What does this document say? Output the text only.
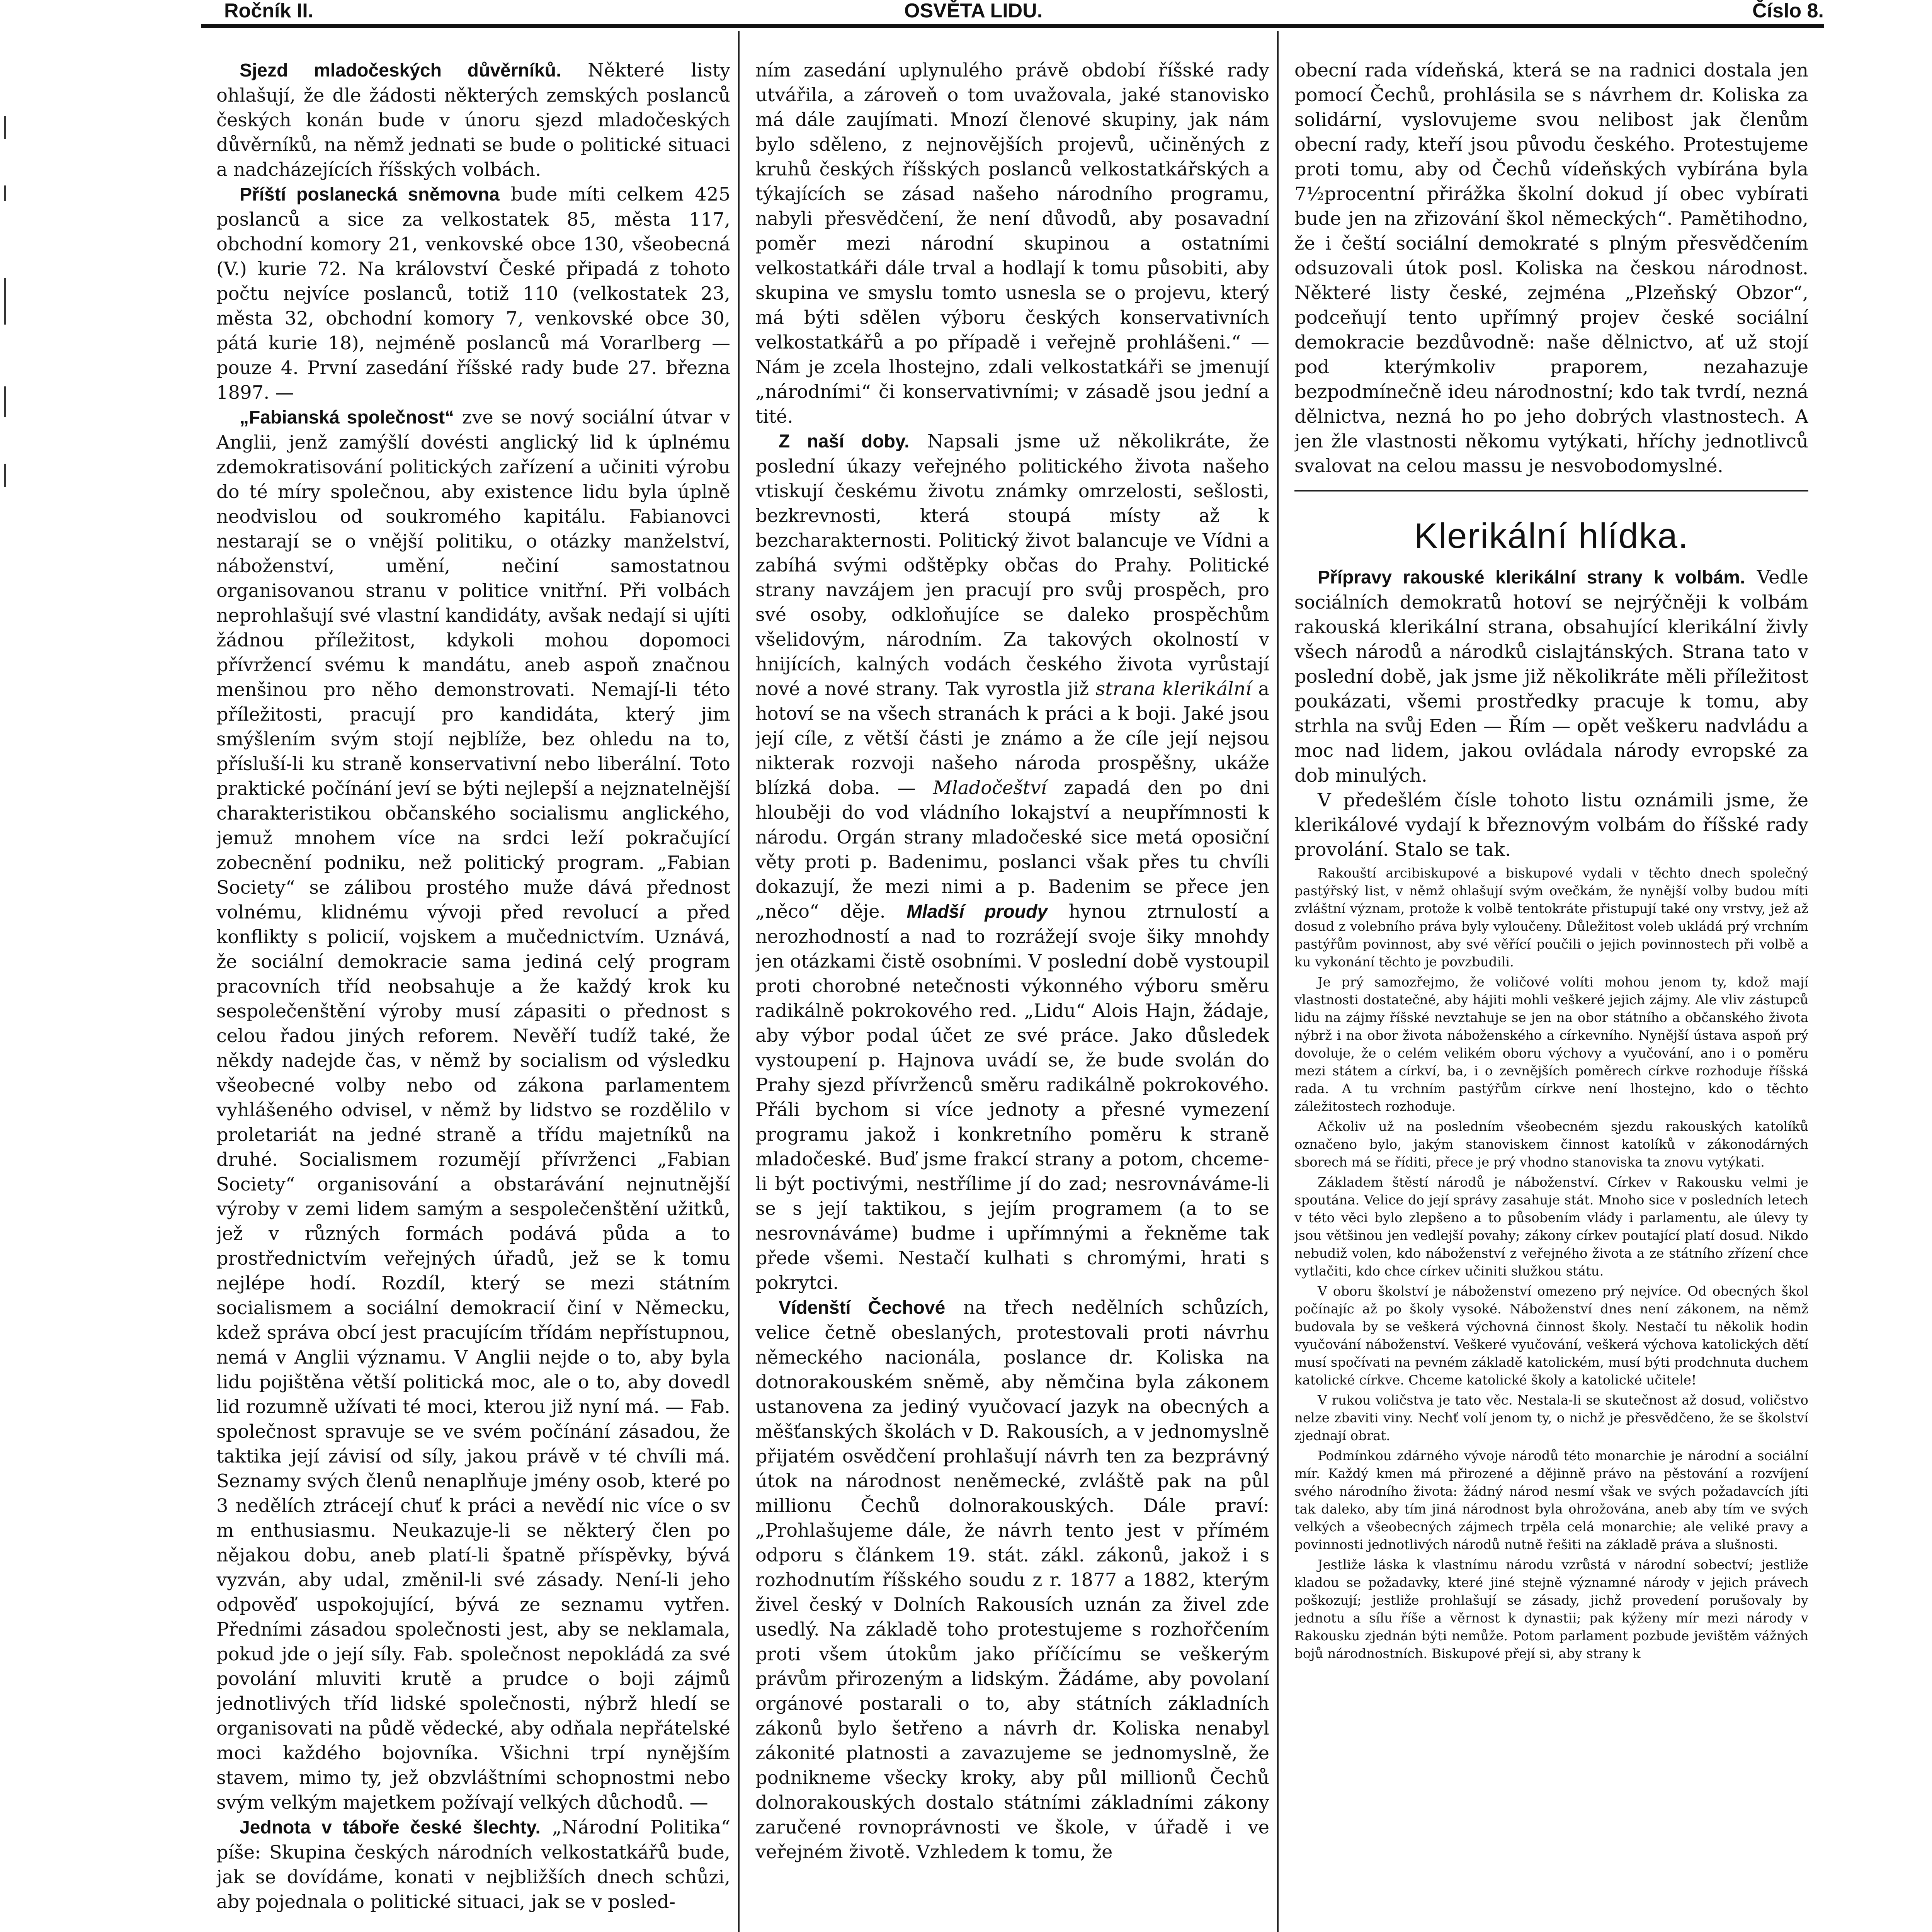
Ročník II.	OSVĚTA LIDU.	Číslo 8.

Sjezd mladočeských důvěrníků. Některé listy ohlašují, že dle žádosti některých zemských poslanců českých konán bude v únoru sjezd mladočeských důvěrníků, na němž jednati se bude o politické situaci a nadcházejících říšských volbách.

Příští poslanecká sněmovna bude míti celkem 425 poslanců a sice za velkostatek 85, města 117, obchodní komory 21, venkovské obce 130, všeobecná (V.) kurie 72. Na království České připadá z tohoto počtu nejvíce poslanců, totiž 110 (velkostatek 23, města 32, obchodní komory 7, venkovské obce 30, pátá kurie 18), nejméně poslanců má Vorarlberg — pouze 4. První zasedání říšské rady bude 27. března 1897. —

„Fabianská společnost“ zve se nový sociální útvar v Anglii, jenž zamýšlí dovésti anglický lid k úplnému zdemokratisování politických zařízení a učiniti výrobu do té míry společnou, aby existence lidu byla úplně neodvislou od soukromého kapitálu. Fabianovci nestarají se o vnější politiku, o otázky manželství, náboženství, umění, nečiní samostatnou organisovanou stranu v politice vnitřní. Při volbách neprohlašují své vlastní kandidáty, avšak nedají si ujíti žádnou příležitost, kdykoli mohou dopomoci přívržencí svému k mandátu, aneb aspoň značnou menšinou pro něho demonstrovati. Nemají-li této příležitosti, pracují pro kandidáta, který jim smýšlením svým stojí nejblíže, bez ohledu na to, přísluší-li ku straně konservativní nebo liberální. Toto praktické počínání jeví se býti nejlepší a nejznatelnější charakteristikou občanského socialismu anglického, jemuž mnohem více na srdci leží pokračující zobecnění podniku, než politický program. „Fabian Society“ se zálibou prostého muže dává přednost volnému, klidnému vývoji před revolucí a před konflikty s policií, vojskem a mučednictvím. Uznává, že sociální demokracie sama jediná celý program pracovních tříd neobsahuje a že každý krok ku sespolečenštění výroby musí zápasiti o přednost s celou řadou jiných reforem. Nevěří tudíž také, že někdy nadejde čas, v němž by socialism od výsledku všeobecné volby nebo od zákona parlamentem vyhlášeného odvisel, v němž by lidstvo se rozdělilo v proletariát na jedné straně a třídu majetníků na druhé. Socialismem rozumějí přívrženci „Fabian Society“ organisování a obstarávání nejnutnější výroby v zemi lidem samým a sespolečenštění užitků, jež v různých formách podává půda a to prostřednictvím veřejných úřadů, jež se k tomu nejlépe hodí. Rozdíl, který se mezi státním socialismem a sociální demokracií činí v Německu, kdež správa obcí jest pracujícím třídám nepřístupnou, nemá v Anglii významu. V Anglii nejde o to, aby byla lidu pojištěna větší politická moc, ale o to, aby dovedl lid rozumně užívati té moci, kterou již nyní má. — Fab. společnost spravuje se ve svém počínání zásadou, že taktika její závisí od síly, jakou právě v té chvíli má. Seznamy svých členů nenaplňuje jmény osob, které po 3 nedělích ztrácejí chuť k práci a nevědí nic více o sv m enthusiasmu. Neukazuje-li se některý člen po nějakou dobu, aneb platí-li špatně příspěvky, bývá vyzván, aby udal, změnil-li své zásady. Není-li jeho odpověď uspokojující, bývá ze seznamu vytřen. Předními zásadou společnosti jest, aby se neklamala, pokud jde o její síly. Fab. společnost nepokládá za své povolání mluviti krutě a prudce o boji zájmů jednotlivých tříd lidské společnosti, nýbrž hledí se organisovati na půdě vědecké, aby odňala nepřátelské moci každého bojovníka. Všichni trpí nynějším stavem, mimo ty, jež obzvláštními schopnostmi nebo svým velkým majetkem požívají velkých důchodů. —

Jednota v táboře české šlechty. „Národní Politika“ píše: Skupina českých národních velkostatkářů bude, jak se dovídáme, konati v nejbližších dnech schůzi, aby pojednala o politické situaci, jak se v posled-

ním zasedání uplynulého právě období říšské rady utvářila, a zároveň o tom uvažovala, jaké stanovisko má dále zaujímati. Mnozí členové skupiny, jak nám bylo sděleno, z nejnovějších projevů, učiněných z kruhů českých říšských poslanců velkostatkářských a týkajících se zásad našeho národního programu, nabyli přesvědčení, že není důvodů, aby posavadní poměr mezi národní skupinou a ostatními velkostatkáři dále trval a hodlají k tomu působiti, aby skupina ve smyslu tomto usnesla se o projevu, který má býti sdělen výboru českých konservativních velkostatkářů a po případě i veřejně prohlášeni.“ — Nám je zcela lhostejno, zdali velkostatkáři se jmenují „národními“ či konservativními; v zásadě jsou jední a tité.

Z naší doby. Napsali jsme už několikráte, že poslední úkazy veřejného politického života našeho vtiskují českému životu známky omrzelosti, sešlosti, bezkrevnosti, která stoupá místy až k bezcharakternosti. Politický život balancuje ve Vídni a zabíhá svými odštěpky občas do Prahy. Politické strany navzájem jen pracují pro svůj prospěch, pro své osoby, odkloňujíce se daleko prospěchům všelidovým, národním. Za takových okolností v hnijících, kalných vodách českého života vyrůstají nové a nové strany. Tak vyrostla již strana klerikální a hotoví se na všech stranách k práci a k boji. Jaké jsou její cíle, z větší části je známo a že cíle její nejsou nikterak rozvoji našeho národa prospěšny, ukáže blízká doba. — Mladočeštví zapadá den po dni hlouběji do vod vládního lokajství a neupřímnosti k národu. Orgán strany mladočeské sice metá oposiční věty proti p. Badenimu, poslanci však přes tu chvíli dokazují, že mezi nimi a p. Badenim se přece jen „něco“ děje. Mladší proudy hynou ztrnulostí a nerozhodností a nad to rozrážejí svoje šiky mnohdy jen otázkami čistě osobními. V poslední době vystoupil proti chorobné netečnosti výkonného výboru směru radikálně pokrokového red. „Lidu“ Alois Hajn, žádaje, aby výbor podal účet ze své práce. Jako důsledek vystoupení p. Hajnova uvádí se, že bude svolán do Prahy sjezd přívrženců směru radikálně pokrokového. Přáli bychom si více jednoty a přesné vymezení programu jakož i konkretního poměru k straně mladočeské. Buď jsme frakcí strany a potom, chceme-li být poctivými, nestřílime jí do zad; nesrovnáváme-li se s její taktikou, s jejím programem (a to se nesrovnáváme) budme i upřímnými a řekněme tak přede všemi. Nestačí kulhati s chromými, hrati s pokrytci.

Vídenští Čechové na třech nedělních schůzích, velice četně obeslaných, protestovali proti návrhu německého nacionála, poslance dr. Koliska na dotnorakouském sněmě, aby němčina byla zákonem ustanovena za jediný vyučovací jazyk na obecných a měšťanských školách v D. Rakousích, a v jednomyslně přijatém osvědčení prohlašují návrh ten za bezprávný útok na národnost neněmecké, zvláště pak na půl millionu Čechů dolnorakouských. Dále praví: „Prohlašujeme dále, že návrh tento jest v přímém odporu s článkem 19. stát. zákl. zákonů, jakož i s rozhodnutím říšského soudu z r. 1877 a 1882, kterým živel český v Dolních Rakousích uznán za živel zde usedlý. Na základě toho protestujeme s rozhořčením proti všem útokům jako příčícímu se veškerým právům přirozeným a lidským. Žádáme, aby povolaní orgánové postarali o to, aby státních základních zákonů bylo šetřeno a návrh dr. Koliska nenabyl zákonité platnosti a zavazujeme se jednomyslně, že podnikneme všecky kroky, aby půl millionů Čechů dolnorakouských dostalo státními základními zákony zaručené rovnoprávnosti ve škole, v úřadě i ve veřejném životě. Vzhledem k tomu, že

obecní rada vídeňská, která se na radnici dostala jen pomocí Čechů, prohlásila se s návrhem dr. Koliska za solidární, vyslovujeme svou nelibost jak členům obecní rady, kteří jsou původu českého. Protestujeme proti tomu, aby od Čechů vídeňských vybírána byla 7½procentní přirážka školní dokud jí obec vybírati bude jen na zřizování škol německých“. Pamětihodno, že i čeští sociální demokraté s plným přesvědčením odsuzovali útok posl. Koliska na českou národnost. Některé listy české, zejména „Plzeňský Obzor“, podceňují tento upřímný projev české sociální demokracie bezdůvodně: naše dělnictvo, ať už stojí pod kterýmkoliv praporem, nezahazuje bezpodmínečně ideu národnostní; kdo tak tvrdí, nezná dělnictva, nezná ho po jeho dobrých vlastnostech. A jen žle vlastnosti někomu vytýkati, hříchy jednotlivců svalovat na celou massu je nesvobodomyslné.

Klerikální hlídka.

Přípravy rakouské klerikální strany k volbám. Vedle sociálních demokratů hotoví se nejrýčněji k volbám rakouská klerikální strana, obsahující klerikální živly všech národů a národků cislajtánských. Strana tato v poslední době, jak jsme již několikráte měli příležitost poukázati, všemi prostředky pracuje k tomu, aby strhla na svůj Eden — Řím — opět veškeru nadvládu a moc nad lidem, jakou ovládala národy evropské za dob minulých.

V předešlém čísle tohoto listu oznámili jsme, že klerikálové vydají k březnovým volbám do říšské rady provolání. Stalo se tak.

Rakouští arcibiskupové a biskupové vydali v těchto dnech společný pastýřský list, v němž ohlašují svým ovečkám, že nynější volby budou míti zvláštní význam, protože k volbě tentokráte přistupují také ony vrstvy, jež až dosud z volebního práva byly vyloučeny. Důležitost voleb ukládá prý vrchním pastýřům povinnost, aby své věřící poučili o jejich povinnostech při volbě a ku vykonání těchto je povzbudili.

Je prý samozřejmo, že voličové volíti mohou jenom ty, kdož mají vlastnosti dostatečné, aby hájiti mohli veškeré jejich zájmy. Ale vliv zástupců lidu na zájmy říšské nevztahuje se jen na obor státního a občanského života nýbrž i na obor života náboženského a církevního. Nynější ústava aspoň prý dovoluje, že o celém velikém oboru výchovy a vyučování, ano i o poměru mezi státem a církví, ba, i o zevnějších poměrech církve rozhoduje říšská rada. A tu vrchním pastýřům církve není lhostejno, kdo o těchto záležitostech rozhoduje.

Ačkoliv už na posledním všeobecném sjezdu rakouských katolíků označeno bylo, jakým stanoviskem činnost katolíků v zákonodárných sborech má se říditi, přece je prý vhodno stanoviska ta znovu vytýkati.

Základem štěstí národů je náboženství. Církev v Rakousku velmi je spoutána. Velice do její správy zasahuje stát. Mnoho sice v posledních letech v této věci bylo zlepšeno a to působením vlády i parlamentu, ale úlevy ty jsou většinou jen vedlejší povahy; zákony církev poutající platí dosud. Nikdo nebudiž volen, kdo náboženství z veřejného života a ze státního zřízení chce vytlačiti, kdo chce církev učiniti služkou státu.

V oboru školství je náboženství omezeno prý nejvíce. Od obecných škol počínajíc až po školy vysoké. Náboženství dnes není zákonem, na němž budovala by se veškerá výchovná činnost školy. Nestačí tu několik hodin vyučování náboženství. Veškeré vyučování, veškerá výchova katolických dětí musí spočívati na pevném základě katolickém, musí býti prodchnuta duchem katolické církve. Chceme katolické školy a katolické učitele!

V rukou voličstva je tato věc. Nestala-li se skutečnost až dosud, voličstvo nelze zbaviti viny. Nechť volí jenom ty, o nichž je přesvědčeno, že se školství zjednají obrat.

Podmínkou zdárného vývoje národů této monarchie je národní a sociální mír. Každý kmen má přirozené a dějinně právo na pěstování a rozvíjení svého národního života: žádný národ nesmí však ve svých požadavcích jíti tak daleko, aby tím jiná národnost byla ohrožována, aneb aby tím ve svých velkých a všeobecných zájmech trpěla celá monarchie; ale veliké pravy a povinnosti jednotlivých národů nutně řešiti na základě práva a slušnosti.

Jestliže láska k vlastnímu národu vzrůstá v národní sobectví; jestliže kladou se požadavky, které jiné stejně významné národy v jejich právech poškozují; jestliže prohlašují se zásady, jichž provedení porušovaly by jednotu a sílu říše a věrnost k dynastii; pak kýženy mír mezi národy v Rakousku zjednán býti nemůže. Potom parlament pozbude jevištěm vážných bojů národnostních. Biskupové přejí si, aby strany k
